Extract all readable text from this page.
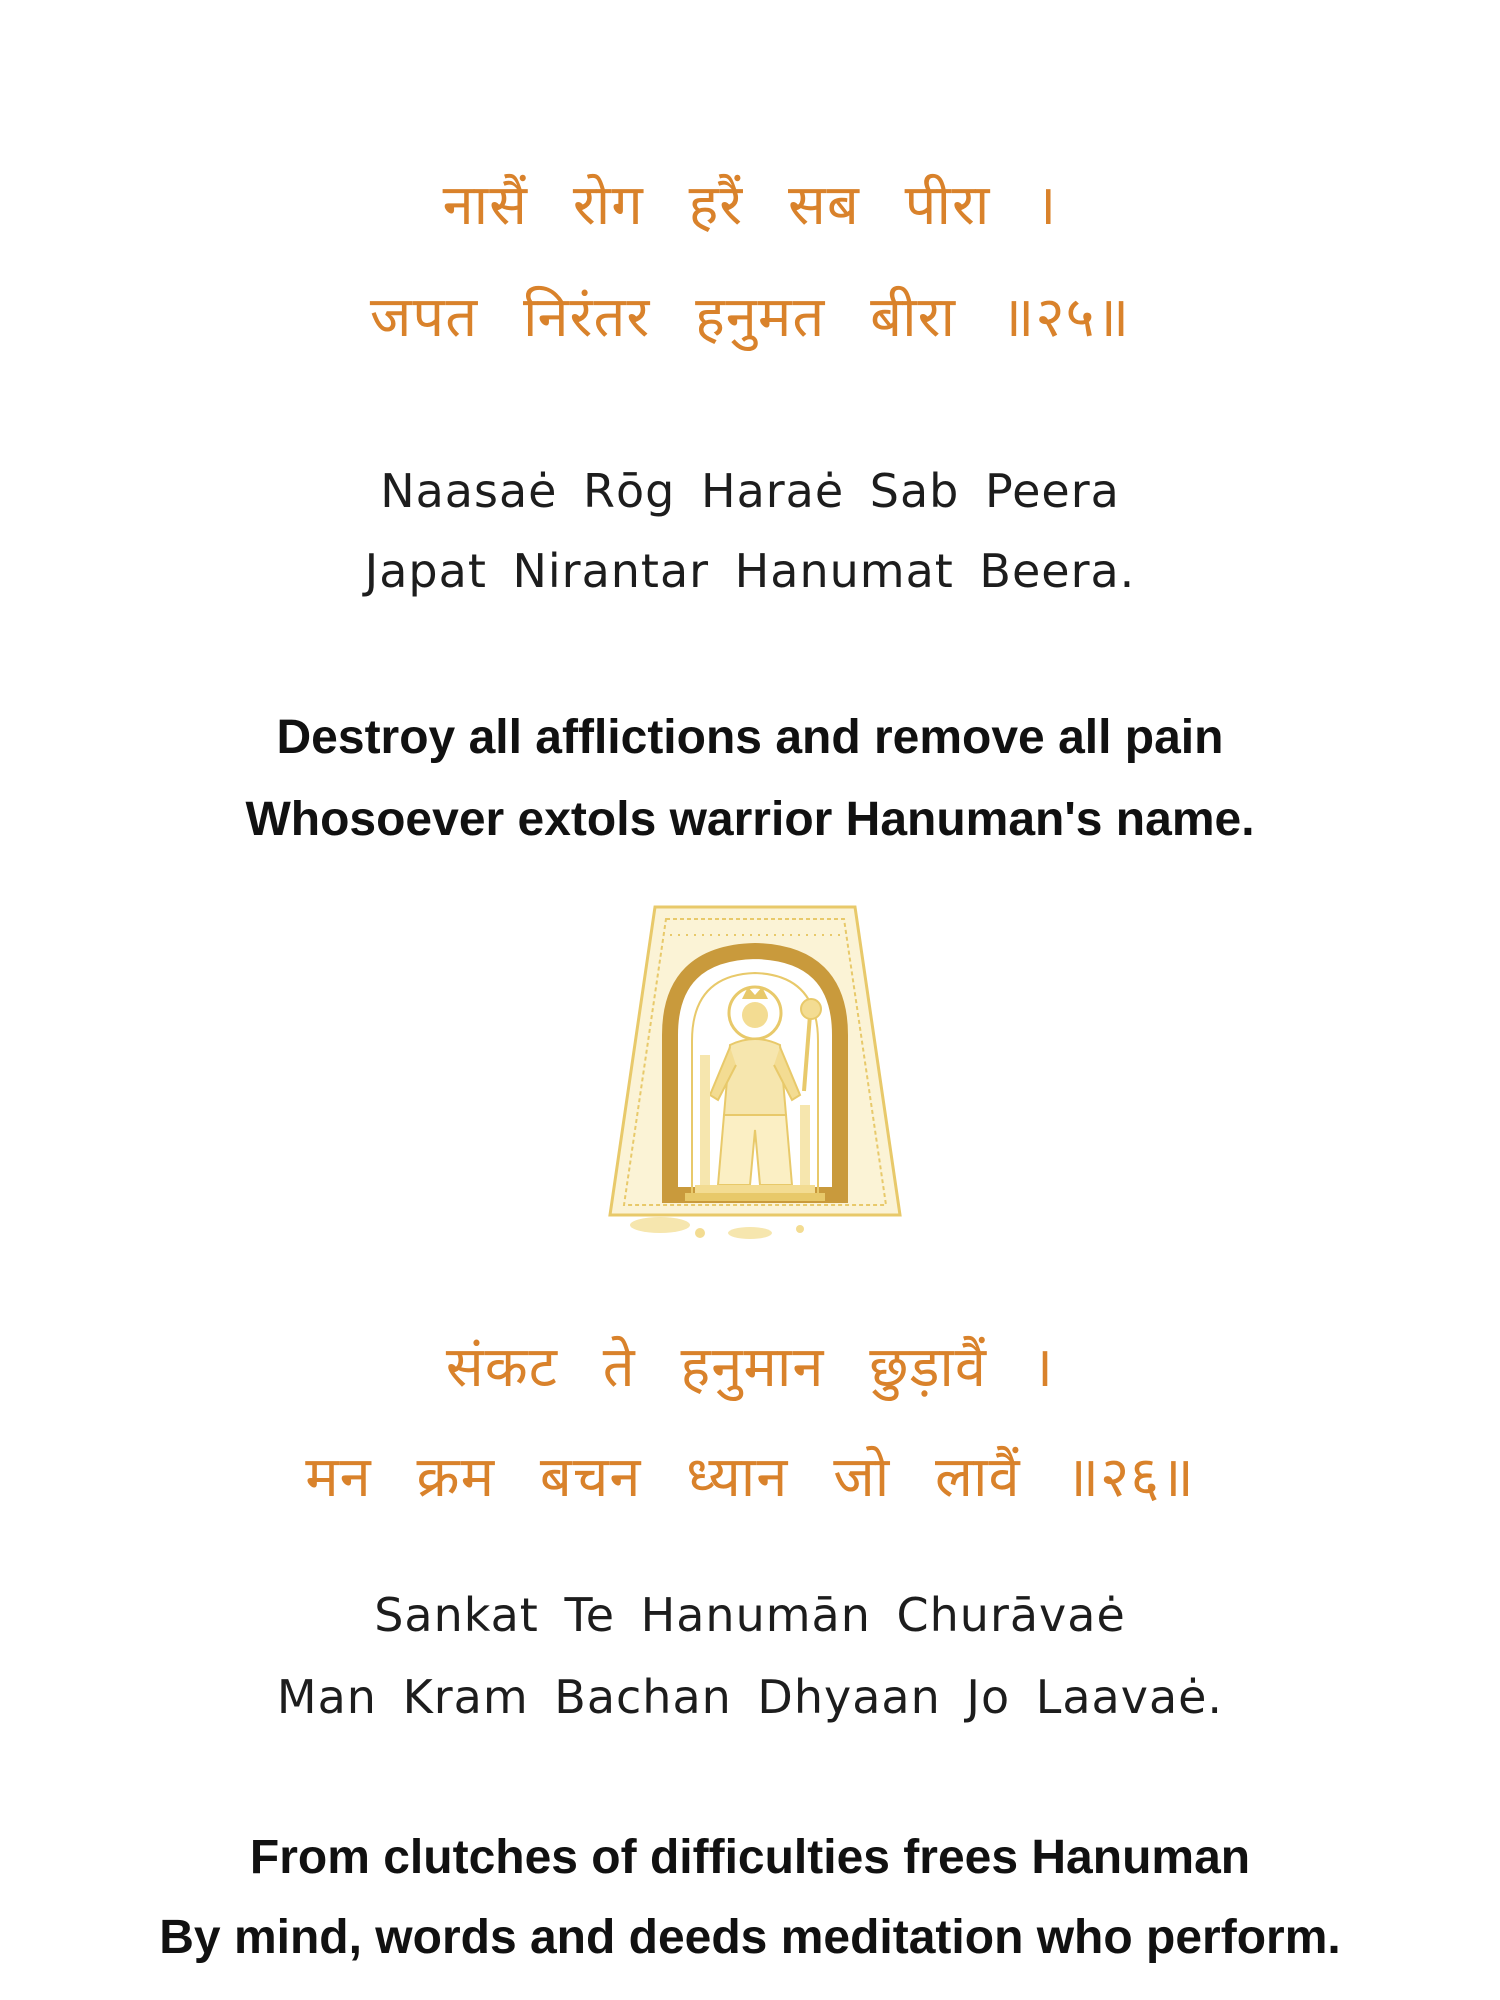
नासैं रोग हरैं सब पीरा ।

जपत निरंतर हनुमत बीरा ॥२५॥

Naasaė Rōg Haraė Sab Peera

Japat Nirantar Hanumat Beera.

Destroy all afflictions and remove all pain

Whosoever extols warrior Hanuman's name.

संकट ते हनुमान छुड़ावैं ।

मन क्रम बचन ध्यान जो लावैं ॥२६॥

Sankat Te Hanumān Churāvaė

Man Kram Bachan Dhyaan Jo Laavaė.

From clutches of difficulties frees Hanuman

By mind, words and deeds meditation who perform.
